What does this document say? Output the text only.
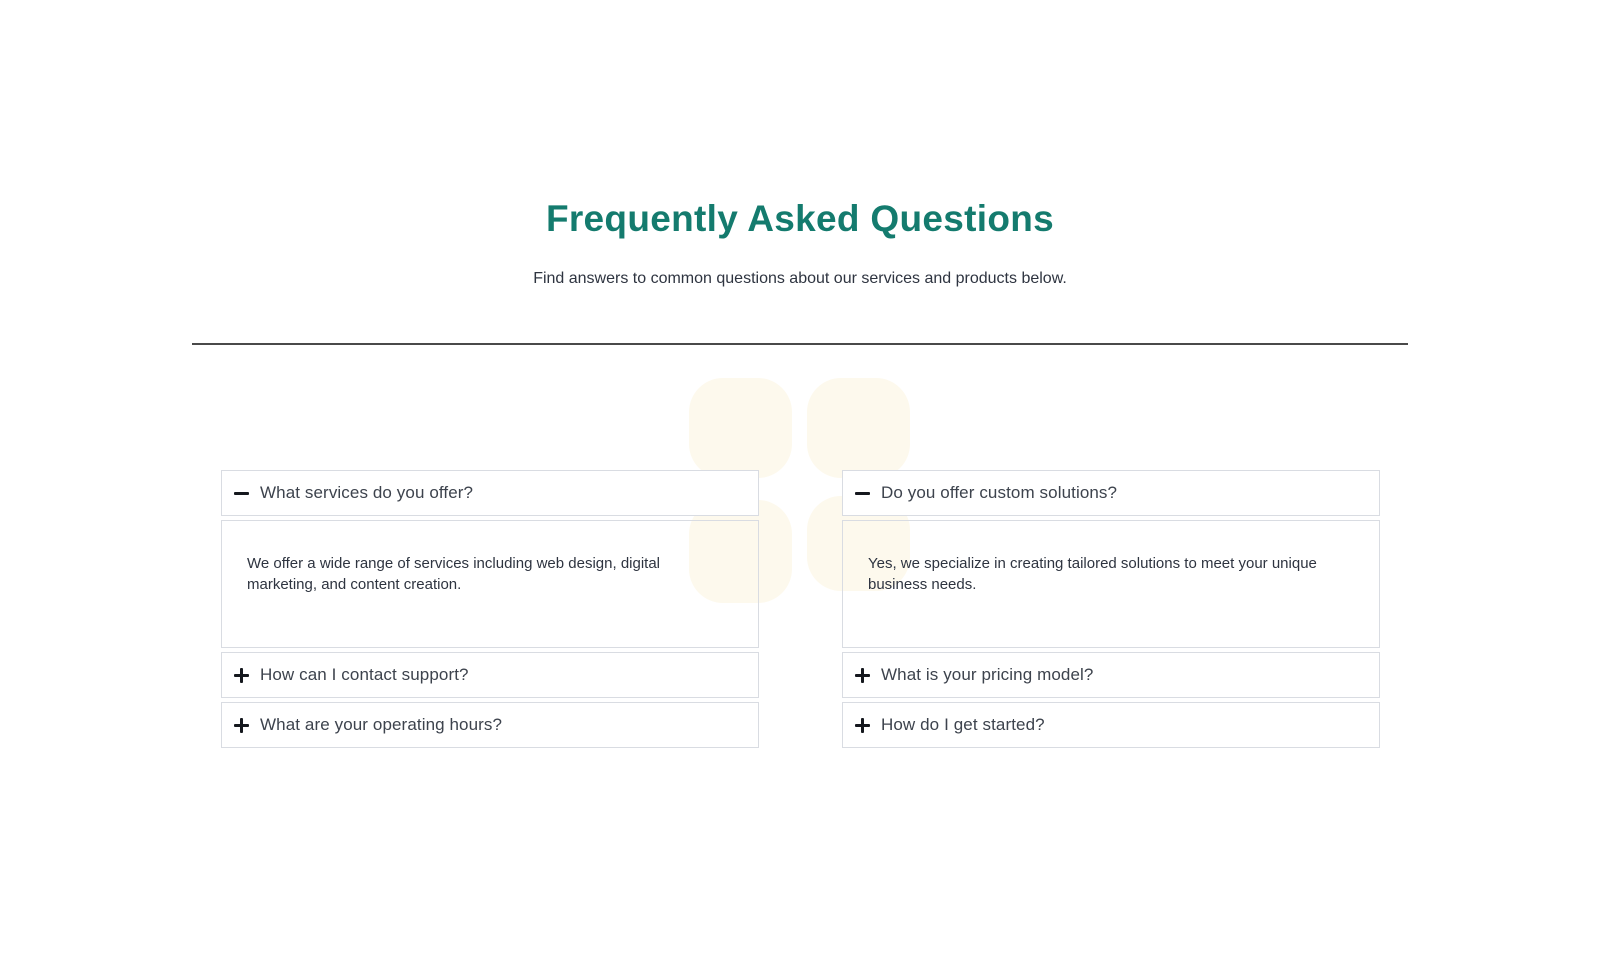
Frequently Asked Questions

Find answers to common questions about our services and products below.

What services do you offer?

We offer a wide range of services including web design, digital marketing, and content creation.

How can I contact support?
What are your operating hours?
Do you offer custom solutions?

Yes, we specialize in creating tailored solutions to meet your unique business needs.

What is your pricing model?
How do I get started?
